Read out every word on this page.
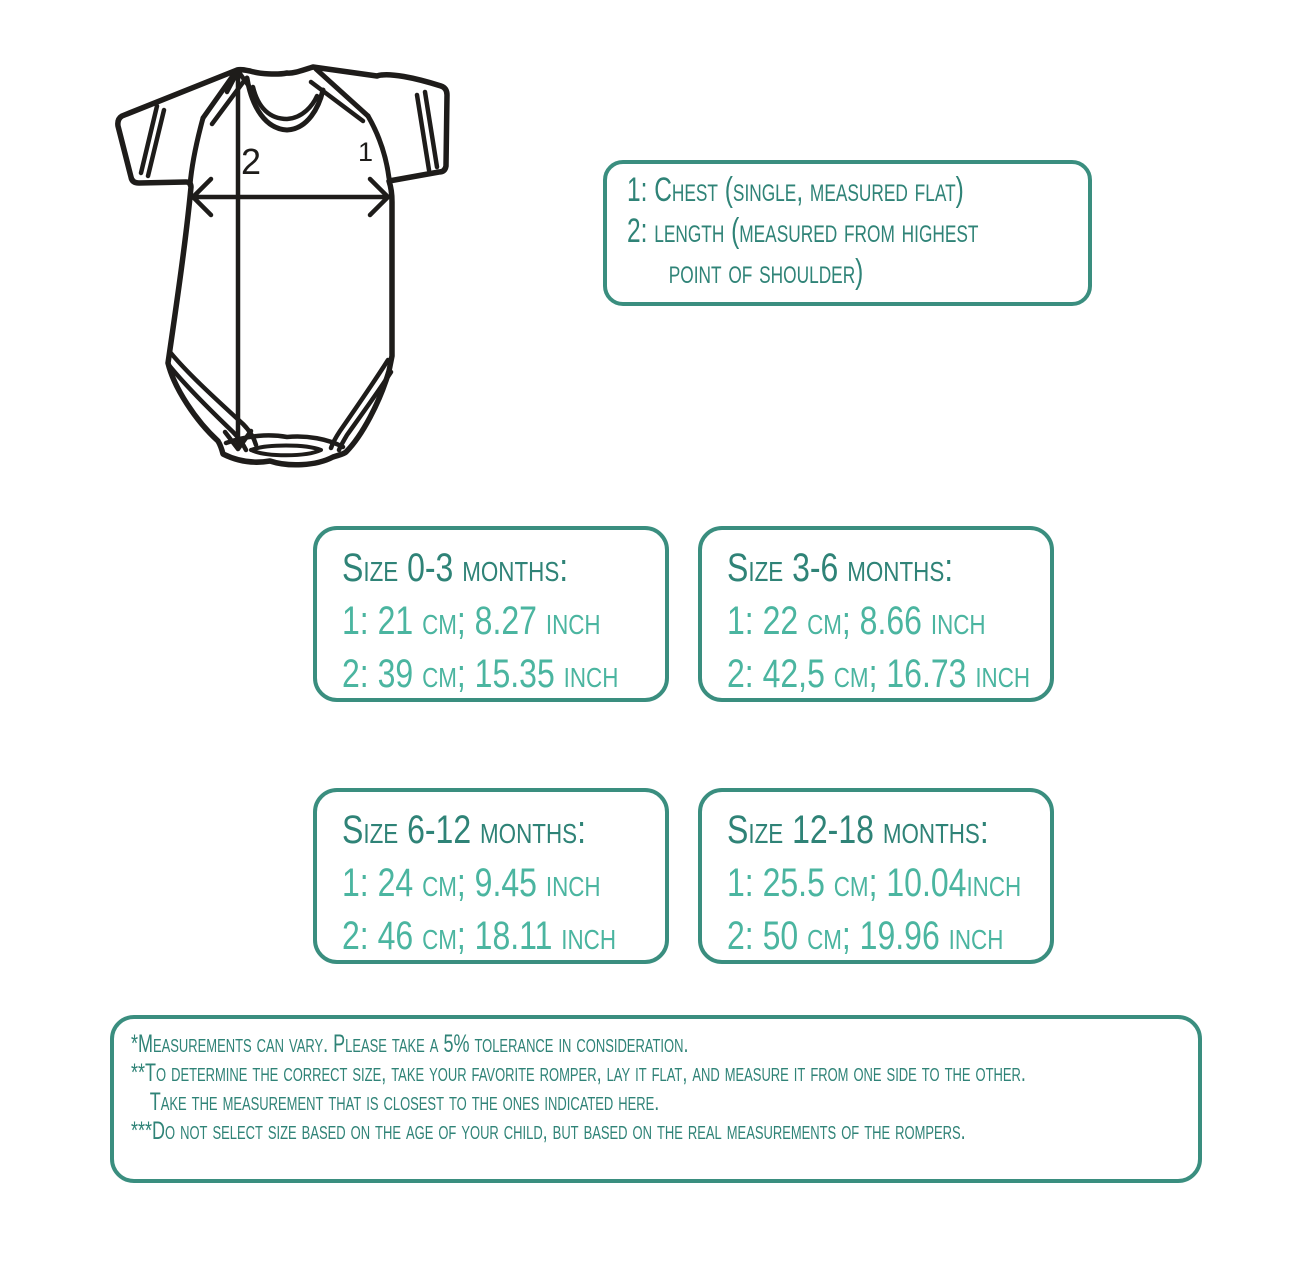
2	1
1: Chest (single, measured flat)
2: length (measured from highest
point of shoulder)
Size 0-3 months:
1: 21 cm; 8.27 inch
2: 39 cm; 15.35 inch
Size 3-6 months:
1: 22 cm; 8.66 inch
2: 42,5 cm; 16.73 inch
Size 6-12 months:
1: 24 cm; 9.45 inch
2: 46 cm; 18.11 inch
Size 12-18 months:
1: 25.5 cm; 10.04inch
2: 50 cm; 19.96 inch
*Measurements can vary. Please take a 5% tolerance in consideration.
**To determine the correct size, take your favorite romper, lay it flat, and measure it from one side to the other.
Take the measurement that is closest to the ones indicated here.
***Do not select size based on the age of your child, but based on the real measurements of the rompers.
